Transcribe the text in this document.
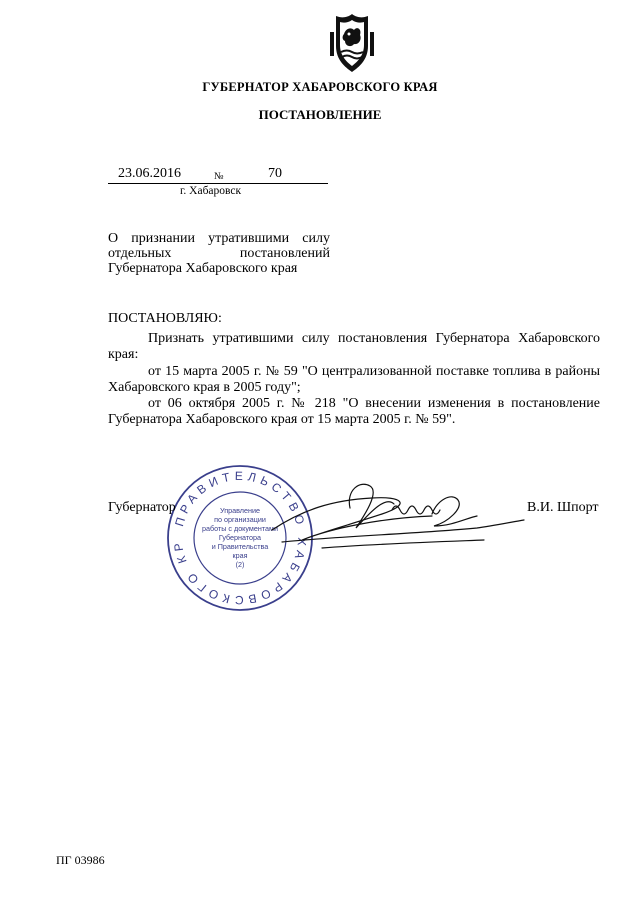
ГУБЕРНАТОР ХАБАРОВСКОГО КРАЯ
ПОСТАНОВЛЕНИЕ
23.06.2016	№	70
г. Хабаровск
О признании утратившими силу отдельных постановлений Губернатора Хабаровского края

ПОСТАНОВЛЯЮ:

Признать утратившими силу постановления Губернатора Хабаровского края:

от 15 марта 2005 г. № 59 "О централизованной поставке топлива в районы Хабаровского края в 2005 году";

от 06 октября 2005 г. № 218 "О внесении изменения в постановление Губернатора Хабаровского края от 15 марта 2005 г. № 59".

ПРАВИТЕЛЬСТВО ХАБАРОВСКОГО КР
Управление
по организации
работы с документами
Губернатора
и Правительства
края
(2)
Губернатор	В.И. Шпорт
ПГ 03986
